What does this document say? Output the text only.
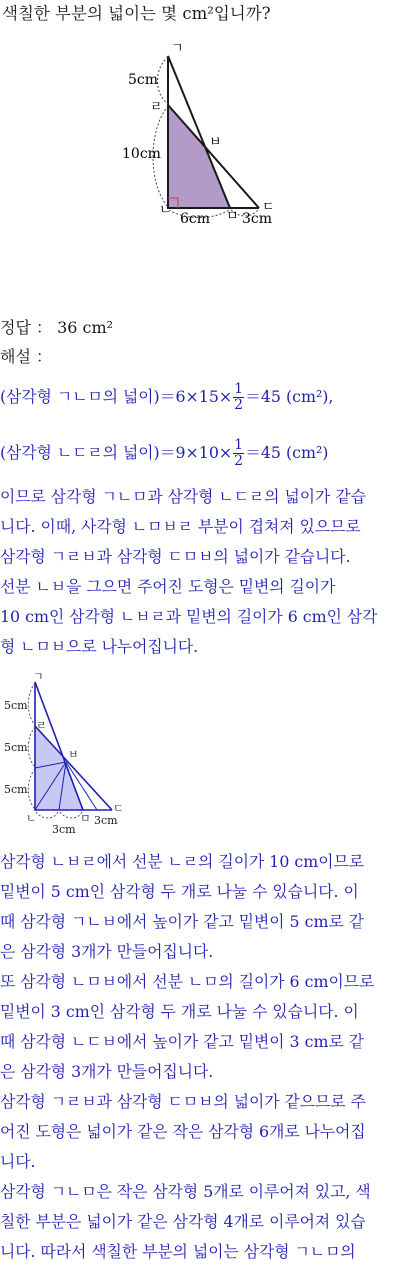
색칠한 부분의 넓이는 몇 cm²입니까?
ㄱ
ㄹ
ㅂ
ㄴ	ㅁ
ㄷ
5cm
10cm
6cm 3cm
정답 ： 36 cm²
해설 ：
(삼각형 ㄱㄴㅁ의 넓이)$=6\times 15\times \frac{1}{2} =45$ (cm²),
(삼각형 ㄴㄷㄹ의 넓이)$=9\times 10\times \frac{1}{2} =45$ (cm²)
이므로 삼각형 ㄱㄴㅁ과 삼각형 ㄴㄷㄹ의 넓이가 같습
니다. 이때, 사각형 ㄴㅁㅂㄹ 부분이 겹쳐져 있으므로
삼각형 ㄱㄹㅂ과 삼각형 ㄷㅁㅂ의 넓이가 같습니다.
선분 ㄴㅂ을 그으면 주어진 도형은 밑변의 길이가
10 cm인 삼각형 ㄴㅂㄹ과 밑변의 길이가 6 cm인 삼각
형 ㄴㅁㅂ으로 나누어집니다.
ㄱ
ㄹ
ㅂ
ㄴ	ㅁ
ㄷ
5cm
5cm
5cm
3cm
3cm
삼각형 ㄴㅂㄹ에서 선분 ㄴㄹ의 길이가 10 cm이므로
밑변이 5 cm인 삼각형 두 개로 나눌 수 있습니다. 이
때 삼각형 ㄱㄴㅂ에서 높이가 같고 밑변이 5 cm로 같
은 삼각형 3개가 만들어집니다.
또 삼각형 ㄴㅁㅂ에서 선분 ㄴㅁ의 길이가 6 cm이므로
밑변이 3 cm인 삼각형 두 개로 나눌 수 있습니다. 이
때 삼각형 ㄴㄷㅂ에서 높이가 같고 밑변이 3 cm로 같
은 삼각형 3개가 만들어집니다.
삼각형 ㄱㄹㅂ과 삼각형 ㄷㅁㅂ의 넓이가 같으므로 주
어진 도형은 넓이가 같은 작은 삼각형 6개로 나누어집
니다.
삼각형 ㄱㄴㅁ은 작은 삼각형 5개로 이루어져 있고, 색
칠한 부분은 넓이가 같은 삼각형 4개로 이루어져 있습
니다. 따라서 색칠한 부분의 넓이는 삼각형 ㄱㄴㅁ의
